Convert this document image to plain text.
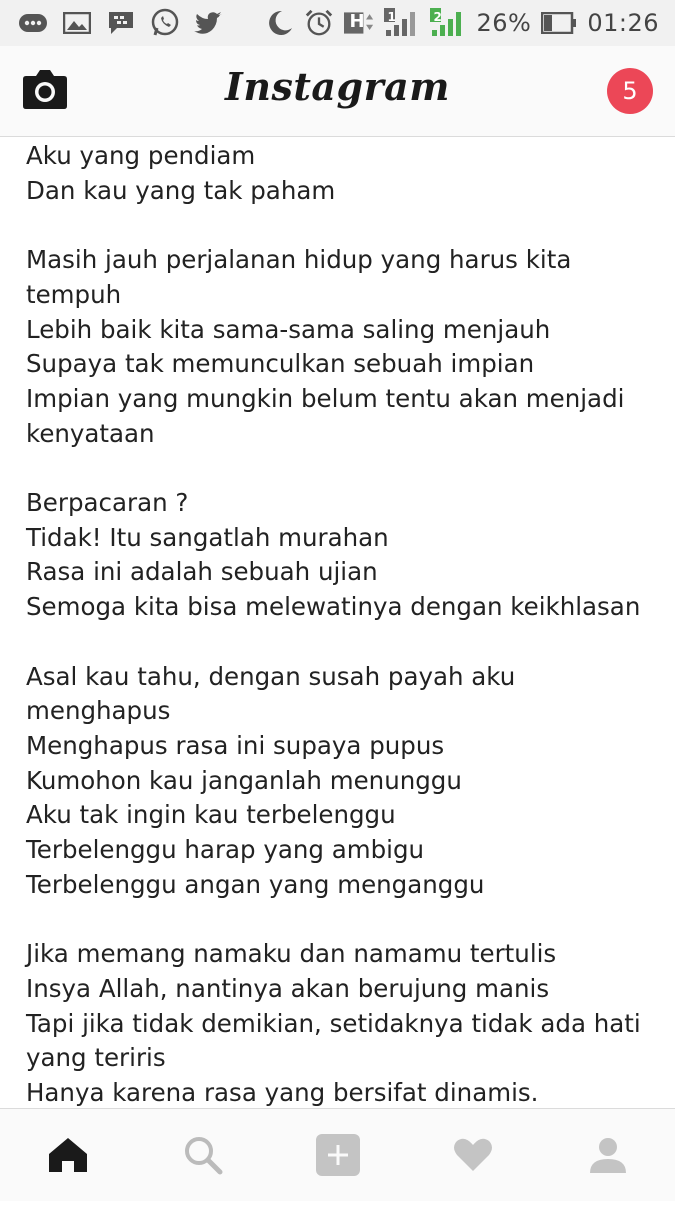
H 1	2 26% 01:26
Instagram	5
Aku yang pendiam
Dan kau yang tak paham
Masih jauh perjalanan hidup yang harus kita tempuh
Lebih baik kita sama-sama saling menjauh
Supaya tak memunculkan sebuah impian
Impian yang mungkin belum tentu akan menjadi kenyataan
Berpacaran ?
Tidak! Itu sangatlah murahan
Rasa ini adalah sebuah ujian
Semoga kita bisa melewatinya dengan keikhlasan
Asal kau tahu, dengan susah payah aku menghapus
Menghapus rasa ini supaya pupus
Kumohon kau janganlah menunggu
Aku tak ingin kau terbelenggu
Terbelenggu harap yang ambigu
Terbelenggu angan yang menganggu
Jika memang namaku dan namamu tertulis
Insya Allah, nantinya akan berujung manis
Tapi jika tidak demikian, setidaknya tidak ada hati yang teriris
Hanya karena rasa yang bersifat dinamis.
